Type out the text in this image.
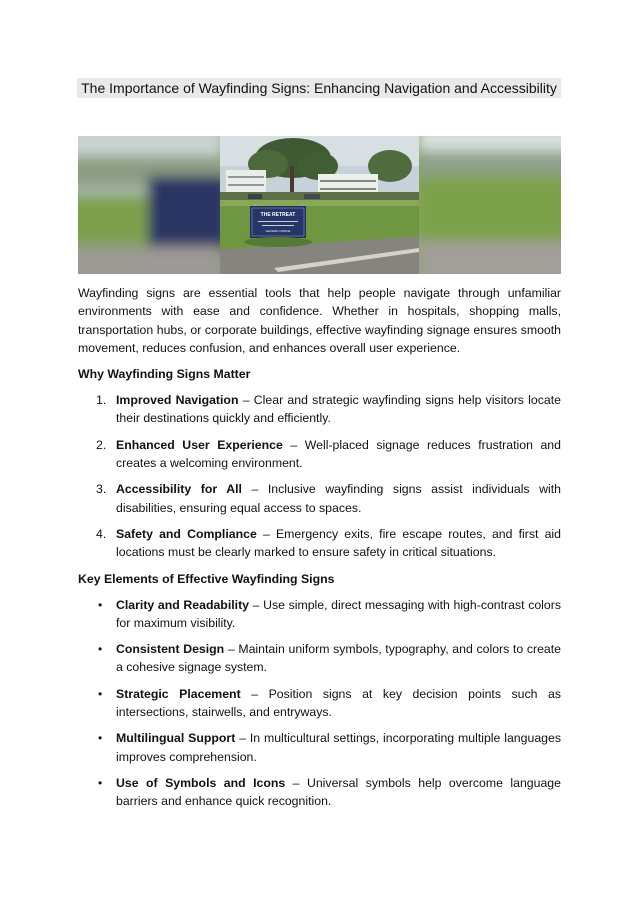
The Importance of Wayfinding Signs: Enhancing Navigation and Accessibility
THE RETREAT
LEASING OFFICE

Wayfinding signs are essential tools that help people navigate through unfamiliar environments with ease and confidence. Whether in hospitals, shopping malls, transportation hubs, or corporate buildings, effective wayfinding signage ensures smooth movement, reduces confusion, and enhances overall user experience.

Why Wayfinding Signs Matter
1. Improved Navigation – Clear and strategic wayfinding signs help visitors locate their destinations quickly and efficiently.
2. Enhanced User Experience – Well-placed signage reduces frustration and creates a welcoming environment.
3. Accessibility for All – Inclusive wayfinding signs assist individuals with disabilities, ensuring equal access to spaces.
4. Safety and Compliance – Emergency exits, fire escape routes, and first aid locations must be clearly marked to ensure safety in critical situations.
Key Elements of Effective Wayfinding Signs
• Clarity and Readability – Use simple, direct messaging with high-contrast colors for maximum visibility.
• Consistent Design – Maintain uniform symbols, typography, and colors to create a cohesive signage system.
• Strategic Placement – Position signs at key decision points such as intersections, stairwells, and entryways.
• Multilingual Support – In multicultural settings, incorporating multiple languages improves comprehension.
• Use of Symbols and Icons – Universal symbols help overcome language barriers and enhance quick recognition.
